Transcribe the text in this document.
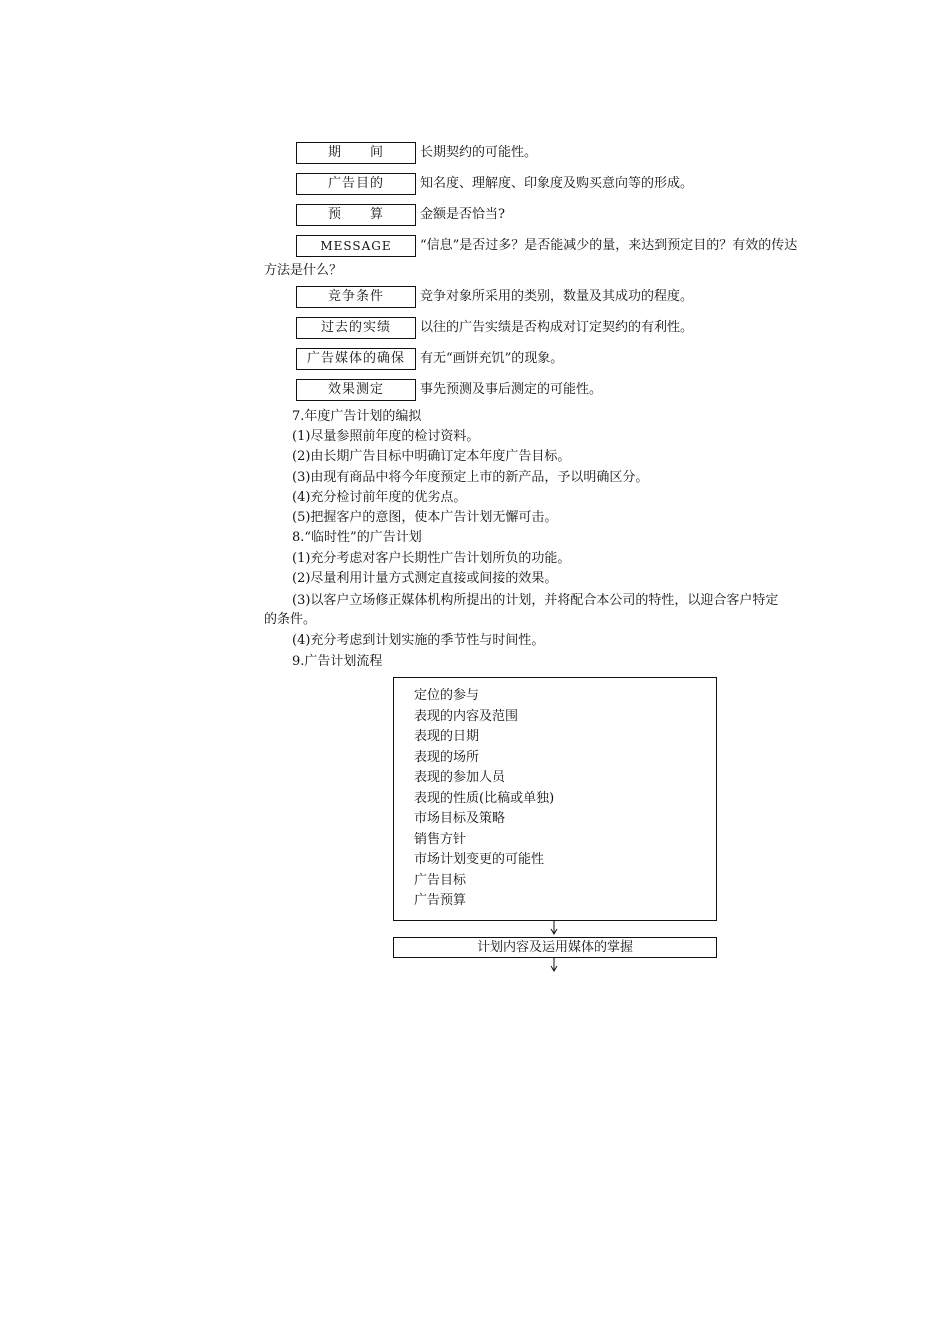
期　　间	长期契约的可能性。
广告目的	知名度、理解度、印象度及购买意向等的形成。
预　　算	金额是否恰当?
MESSAGE	“信息”是否过多？是否能减少的量，来达到预定目的？有效的传达
方法是什么？
竞争条件	竞争对象所采用的类别，数量及其成功的程度。
过去的实绩	以往的广告实绩是否构成对订定契约的有利性。
广告媒体的确保	有无“画饼充饥”的现象。
效果测定	事先预测及事后测定的可能性。
7.年度广告计划的编拟
(1)尽量参照前年度的检讨资料。
(2)由长期广告目标中明确订定本年度广告目标。
(3)由现有商品中将今年度预定上市的新产品，予以明确区分。
(4)充分检讨前年度的优劣点。
(5)把握客户的意图，使本广告计划无懈可击。
8.“临时性”的广告计划
(1)充分考虑对客户长期性广告计划所负的功能。
(2)尽量利用计量方式测定直接或间接的效果。
(3)以客户立场修正媒体机构所提出的计划，并将配合本公司的特性，以迎合客户特定
的条件。
(4)充分考虑到计划实施的季节性与时间性。
9.广告计划流程
定位的参与
表现的内容及范围
表现的日期
表现的场所
表现的参加人员
表现的性质(比稿或单独)
市场目标及策略
销售方针
市场计划变更的可能性
广告目标
广告预算
计划内容及运用媒体的掌握
